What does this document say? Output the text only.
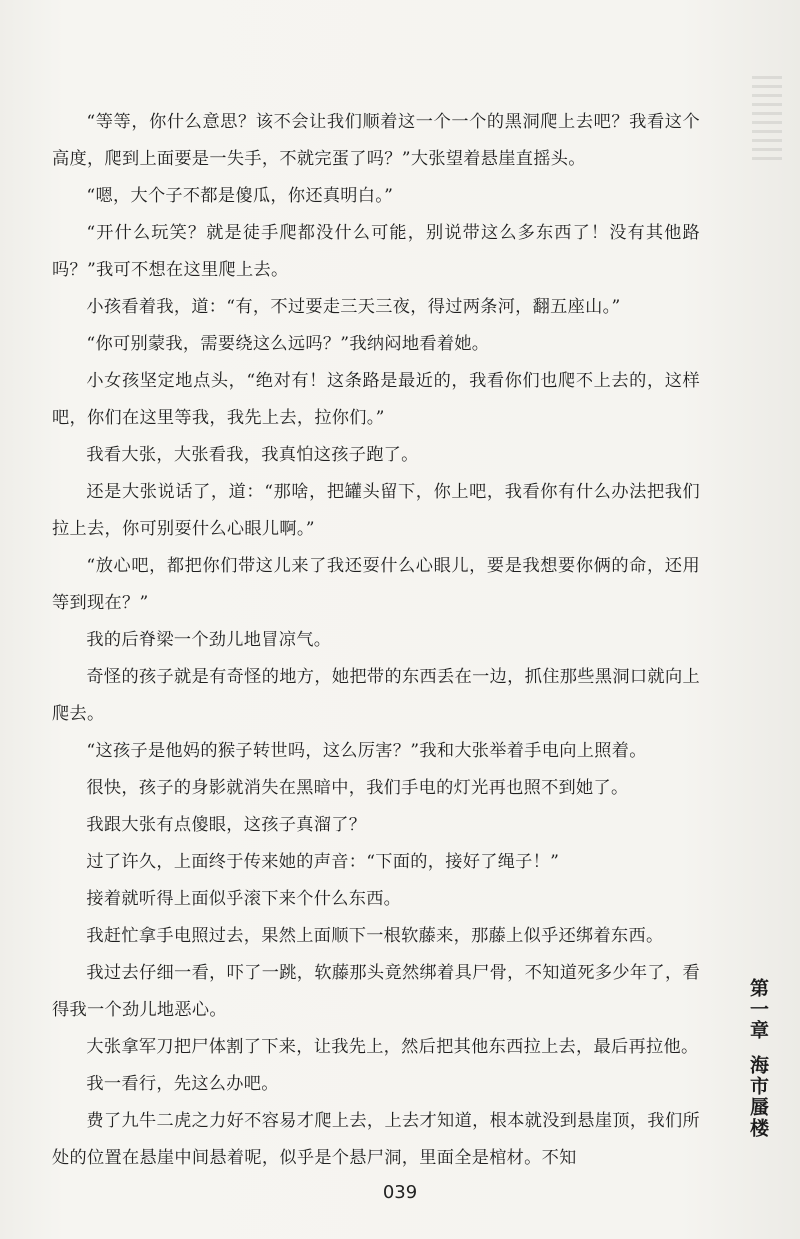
“等等，你什么意思？该不会让我们顺着这一个一个的黑洞爬上去吧？我看这个高度，爬到上面要是一失手，不就完蛋了吗？”大张望着悬崖直摇头。

“嗯，大个子不都是傻瓜，你还真明白。”

“开什么玩笑？就是徒手爬都没什么可能，别说带这么多东西了！没有其他路吗？”我可不想在这里爬上去。

小孩看着我，道：“有，不过要走三天三夜，得过两条河，翻五座山。”

“你可别蒙我，需要绕这么远吗？”我纳闷地看着她。

小女孩坚定地点头，“绝对有！这条路是最近的，我看你们也爬不上去的，这样吧，你们在这里等我，我先上去，拉你们。”

我看大张，大张看我，我真怕这孩子跑了。

还是大张说话了，道：“那啥，把罐头留下，你上吧，我看你有什么办法把我们拉上去，你可别耍什么心眼儿啊。”

“放心吧，都把你们带这儿来了我还耍什么心眼儿，要是我想要你俩的命，还用等到现在？”

我的后脊梁一个劲儿地冒凉气。

奇怪的孩子就是有奇怪的地方，她把带的东西丢在一边，抓住那些黑洞口就向上爬去。

“这孩子是他妈的猴子转世吗，这么厉害？”我和大张举着手电向上照着。

很快，孩子的身影就消失在黑暗中，我们手电的灯光再也照不到她了。

我跟大张有点傻眼，这孩子真溜了？

过了许久，上面终于传来她的声音：“下面的，接好了绳子！”

接着就听得上面似乎滚下来个什么东西。

我赶忙拿手电照过去，果然上面顺下一根软藤来，那藤上似乎还绑着东西。

我过去仔细一看，吓了一跳，软藤那头竟然绑着具尸骨，不知道死多少年了，看得我一个劲儿地恶心。

大张拿军刀把尸体割了下来，让我先上，然后把其他东西拉上去，最后再拉他。

我一看行，先这么办吧。

费了九牛二虎之力好不容易才爬上去，上去才知道，根本就没到悬崖顶，我们所处的位置在悬崖中间悬着呢，似乎是个悬尸洞，里面全是棺材。不知

第一章
海市蜃楼
039
